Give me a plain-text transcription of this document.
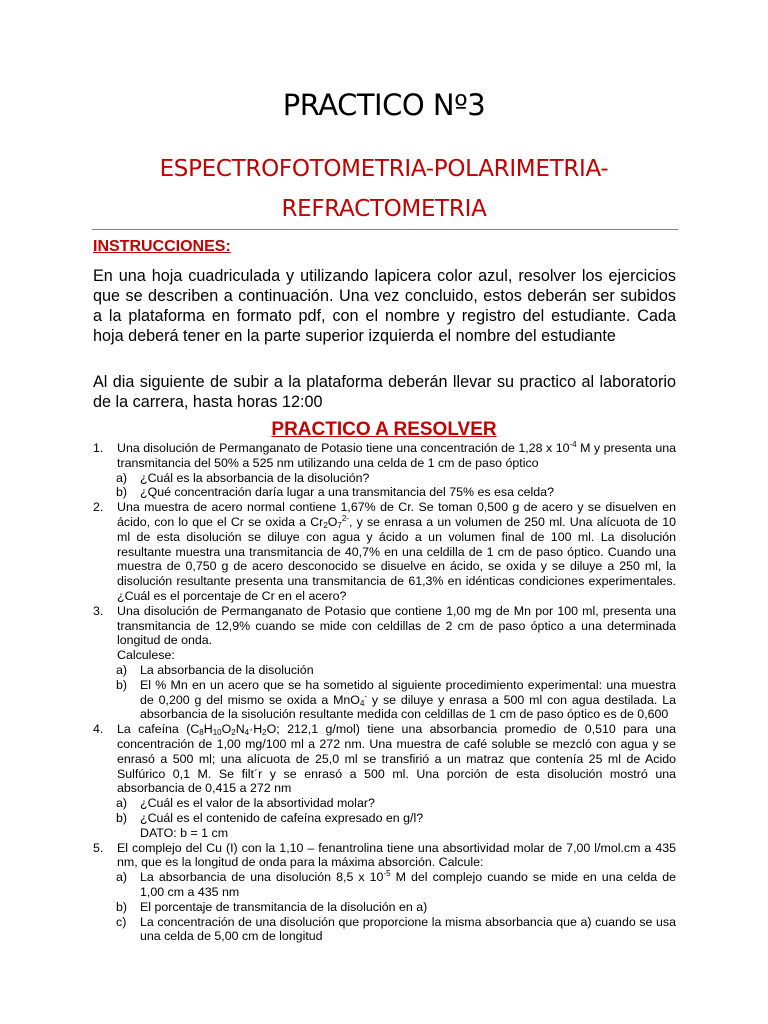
PRACTICO Nº3
ESPECTROFOTOMETRIA-POLARIMETRIA-
REFRACTOMETRIA
INSTRUCCIONES:
En una hoja cuadriculada y utilizando lapicera color azul, resolver los ejercicios que se describen a continuación. Una vez concluido, estos deberán ser subidos a la plataforma en formato pdf, con el nombre y registro del estudiante. Cada hoja deberá tener en la parte superior izquierda el nombre del estudiante
Al dia siguiente de subir a la plataforma deberán llevar su practico al laboratorio de la carrera, hasta horas 12:00
PRACTICO A RESOLVER
1.	Una disolución de Permanganato de Potasio tiene una concentración de 1,28 x $10^{-4}$ M y presenta una transmitancia del 50% a 525 nm utilizando una celda de 1 cm de paso óptico
a) ¿Cuál es la absorbancia de la disolución?
b) ¿Qué concentración daría lugar a una transmitancia del 75% es esa celda?
2.	Una muestra de acero normal contiene 1,67% de Cr. Se toman 0,500 g de acero y se disuelven en ácido, con lo que el Cr se oxida a $Cr_2O_7^{2-}$, y se enrasa a un volumen de 250 ml. Una alícuota de 10 ml de esta disolución se diluye con agua y ácido a un volumen final de 100 ml. La disolución resultante muestra una transmitancia de 40,7% en una celdilla de 1 cm de paso óptico. Cuando una muestra de 0,750 g de acero desconocido se disuelve en ácido, se oxida y se diluye a 250 ml, la disolución resultante presenta una transmitancia de 61,3% en idénticas condiciones experimentales. ¿Cuál es el porcentaje de Cr en el acero?
3.	Una disolución de Permanganato de Potasio que contiene 1,00 mg de Mn por 100 ml, presenta una transmitancia de 12,9% cuando se mide con celdillas de 2 cm de paso óptico a una determinada longitud de onda.
Calculese:
a) La absorbancia de la disolución
b) El % Mn en un acero que se ha sometido al siguiente procedimiento experimental: una muestra de 0,200 g del mismo se oxida a MnO$_4$- y se diluye y enrasa a 500 ml con agua destilada. La absorbancia de la sisolución resultante medida con celdillas de 1 cm de paso óptico es de 0,600
4.	La cafeína ($C_8H_{10}O_2N_4\cdot H_2O$; 212,1 g/mol) tiene una absorbancia promedio de 0,510 para una concentración de 1,00 mg/100 ml a 272 nm. Una muestra de café soluble se mezcló con agua y se enrasó a 500 ml; una alícuota de 25,0 ml se transfirió a un matraz que contenía 25 ml de Acido Sulfúrico 0,1 M. Se filt´r y se enrasó a 500 ml. Una porción de esta disolución mostró una absorbancia de 0,415 a 272 nm
a) ¿Cuál es el valor de la absortividad molar?
b) ¿Cuál es el contenido de cafeína expresado en g/l?
DATO: b = 1 cm
5.	El complejo del Cu (I) con la 1,10 – fenantrolina tiene una absortividad molar de 7,00 l/mol.cm a 435 nm, que es la longitud de onda para la máxima absorción. Calcule:
a) La absorbancia de una disolución 8,5 x $10^{-5}$ M del complejo cuando se mide en una celda de 1,00 cm a 435 nm
b) El porcentaje de transmitancia de la disolución en a)
c) La concentración de una disolución que proporcione la misma absorbancia que a) cuando se usa una celda de 5,00 cm de longitud
